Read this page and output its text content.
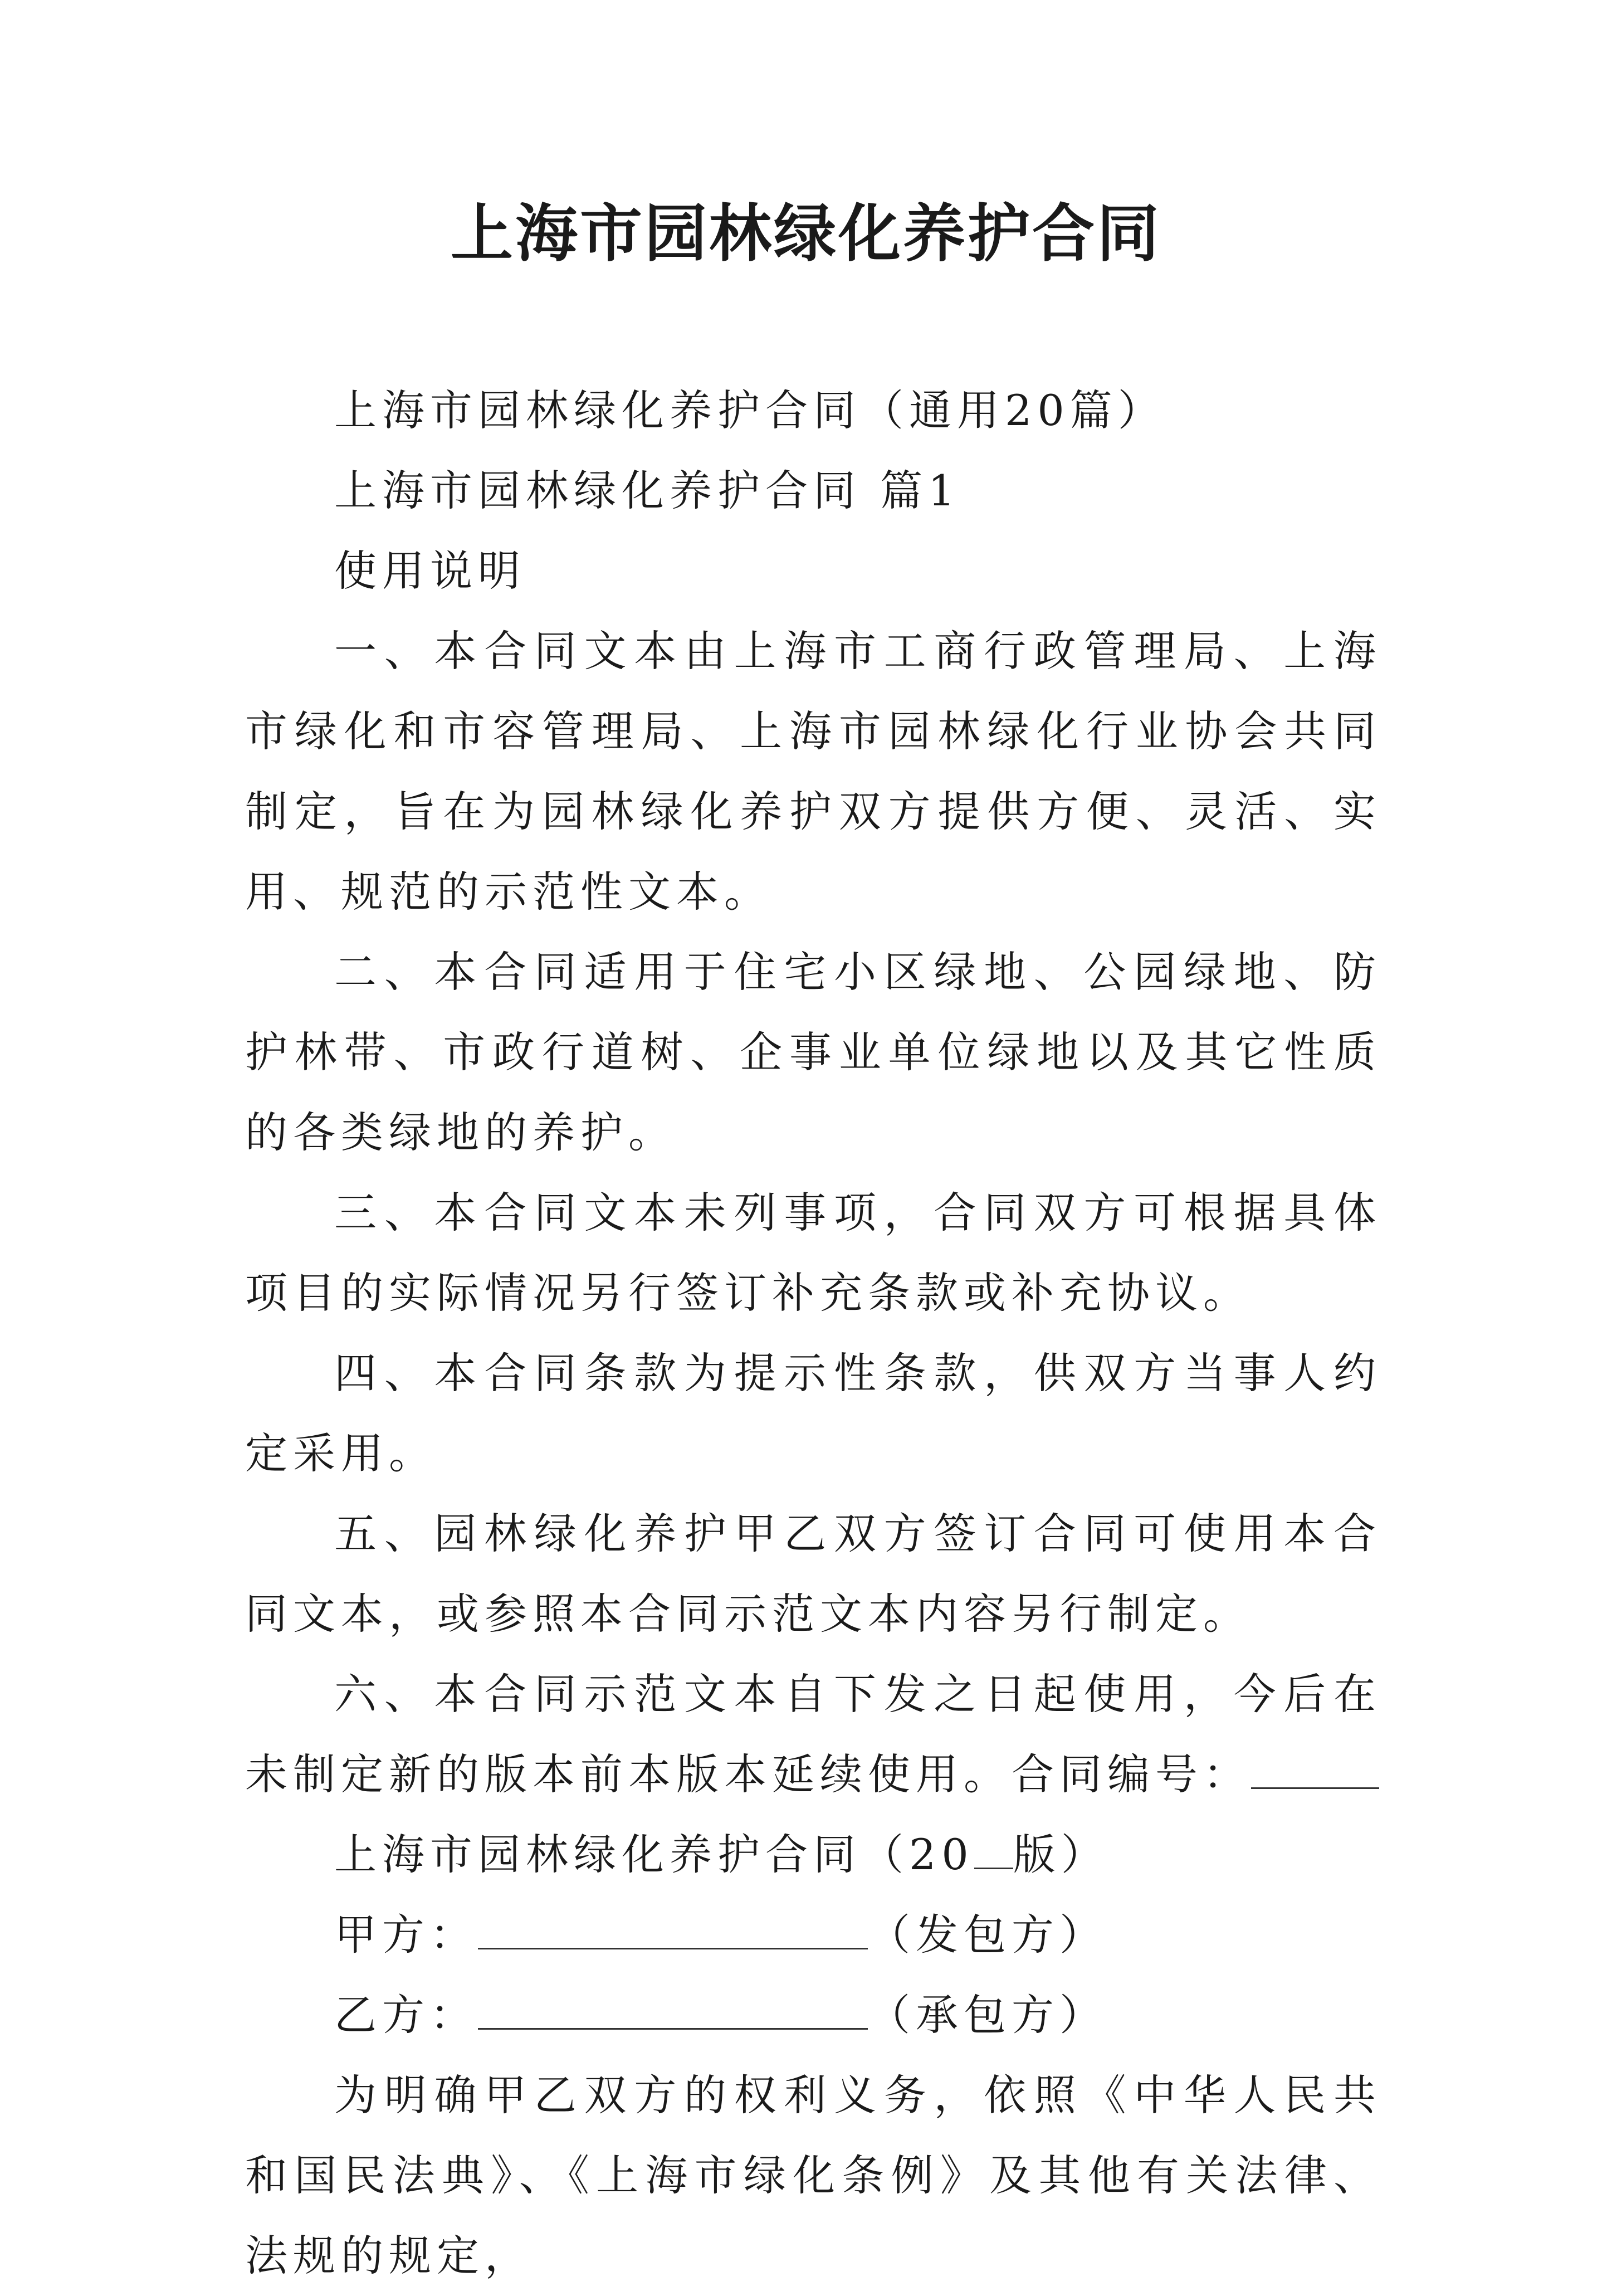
上海市园林绿化养护合同

上海市园林绿化养护合同（通用20篇）

上海市园林绿化养护合同 篇1

使用说明

一、本合同文本由上海市工商行政管理局、上海市绿化和市容管理局、上海市园林绿化行业协会共同制定，旨在为园林绿化养护双方提供方便、灵活、实用、规范的示范性文本。

二、本合同适用于住宅小区绿地、公园绿地、防护林带、市政行道树、企事业单位绿地以及其它性质的各类绿地的养护。

三、本合同文本未列事项，合同双方可根据具体项目的实际情况另行签订补充条款或补充协议。

四、本合同条款为提示性条款，供双方当事人约定采用。

五、园林绿化养护甲乙双方签订合同可使用本合同文本，或参照本合同示范文本内容另行制定。

六、本合同示范文本自下发之日起使用，今后在未制定新的版本前本版本延续使用。合同编号：

上海市园林绿化养护合同（20 版）

甲方：	（发包方）

乙方：	（承包方）

为明确甲乙双方的权利义务，依照《中华人民共和国民法典》、《上海市绿化条例》及其他有关法律、法规的规定，
